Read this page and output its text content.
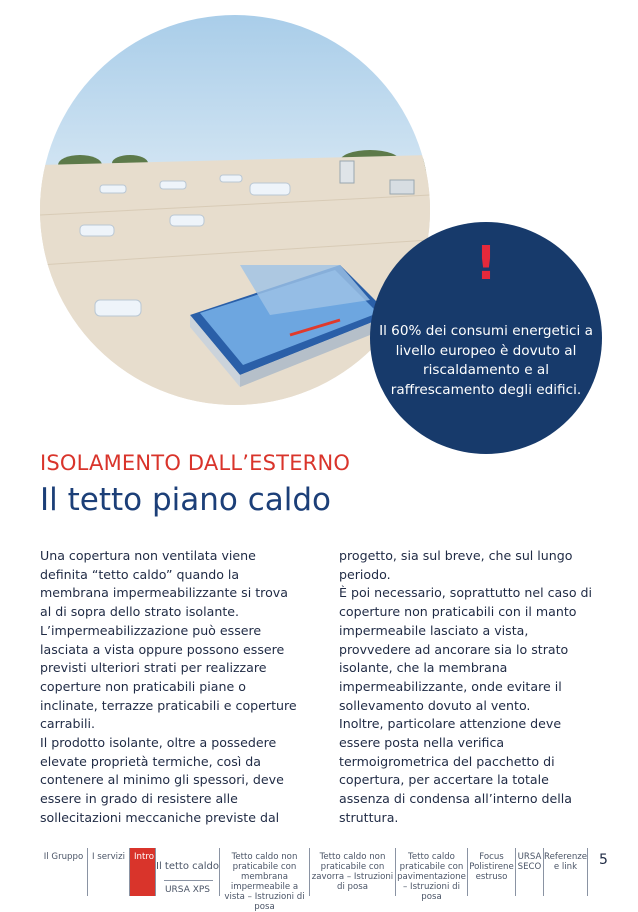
!
Il 60% dei consumi energetici a livello europeo è dovuto al riscaldamento e al raffrescamento degli edifici.
ISOLAMENTO DALL’ESTERNO
Il tetto piano caldo

Una copertura non ventilata viene definita “tetto caldo” quando la membrana impermeabilizzante si trova al di sopra dello strato isolante. L’impermeabilizzazione può essere lasciata a vista oppure possono essere previsti ulteriori strati per realizzare coperture non praticabili piane o inclinate, terrazze praticabili e coperture carrabili.

Il prodotto isolante, oltre a possedere elevate proprietà termiche, così da contenere al minimo gli spessori, deve essere in grado di resistere alle sollecitazioni meccaniche previste dal

progetto, sia sul breve, che sul lungo periodo.

È poi necessario, soprattutto nel caso di coperture non praticabili con il manto impermeabile lasciato a vista, provvedere ad ancorare sia lo strato isolante, che la membrana impermeabilizzante, onde evitare il sollevamento dovuto al vento.

Inoltre, particolare attenzione deve essere posta nella verifica termoigrometrica del pacchetto di copertura, per accertare la totale assenza di condensa all’interno della struttura.

Il Gruppo	I servizi	Intro
Il tetto caldo
URSA XPS
Tetto caldo non praticabile con membrana impermeabile a vista – Istruzioni di posa
Tetto caldo non praticabile con zavorra – Istruzioni di posa
Tetto caldo praticabile con pavimentazione – Istruzioni di posa
Focus Polistirene estruso
URSA SECO
Referenze e link	5
